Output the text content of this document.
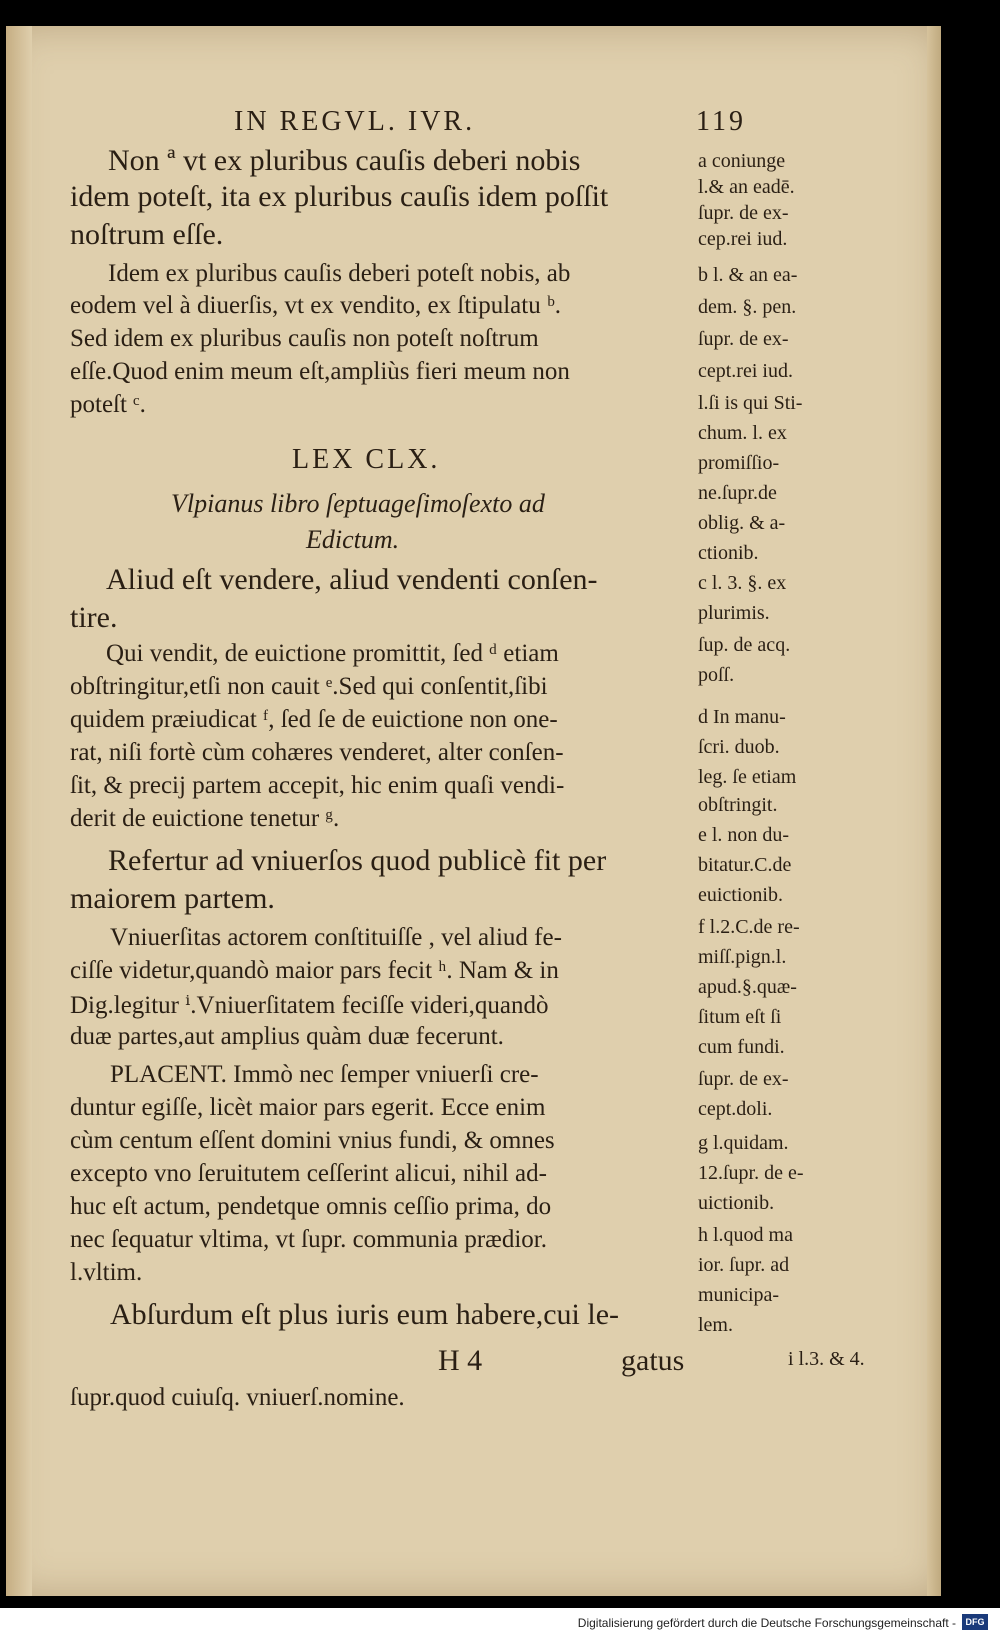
IN REGVL. IVR.	119
Non ª vt ex pluribus cauſis deberi nobis
idem poteſt, ita ex pluribus cauſis idem poſſit
noſtrum eſſe.
Idem ex pluribus cauſis deberi poteſt nobis, ab
eodem vel à diuerſis, vt ex vendito, ex ſtipulatu ᵇ.
Sed idem ex pluribus cauſis non poteſt noſtrum
eſſe.Quod enim meum eſt,ampliùs fieri meum non
poteſt ᶜ.
LEX CLX.
Vlpianus libro ſeptuageſimoſexto ad
Edictum.
Aliud eſt vendere, aliud vendenti conſen-
tire.
Qui vendit, de euictione promittit, ſed ᵈ etiam
obſtringitur,etſi non cauit ᵉ.Sed qui conſentit,ſibi
quidem præiudicat ᶠ, ſed ſe de euictione non one-
rat, niſi fortè cùm cohæres venderet, alter conſen-
ſit, & precij partem accepit, hic enim quaſi vendi-
derit de euictione tenetur ᵍ.
Refertur ad vniuerſos quod publicè fit per
maiorem partem.
Vniuerſitas actorem conſtituiſſe , vel aliud fe-
ciſſe videtur,quandò maior pars fecit ʰ. Nam & in
Dig.legitur ⁱ.Vniuerſitatem feciſſe videri,quandò
duæ partes,aut amplius quàm duæ fecerunt.
PLACENT. Immò nec ſemper vniuerſi cre-
duntur egiſſe, licèt maior pars egerit. Ecce enim
cùm centum eſſent domini vnius fundi, & omnes
excepto vno ſeruitutem ceſſerint alicui, nihil ad-
huc eſt actum, pendetque omnis ceſſio prima, do
nec ſequatur vltima, vt ſupr. communia prædior.
l.vltim.
Abſurdum eſt plus iuris eum habere,cui le-
H 4	gatus
ſupr.quod cuiuſq. vniuerſ.nomine.
a coniunge
l.& an eadē.
ſupr. de ex-
cep.rei iud.
b l. & an ea-
dem. §. pen.
ſupr. de ex-
cept.rei iud.
l.ſi is qui Sti-
chum. l. ex
promiſſio-
ne.ſupr.de
oblig. & a-
ctionib.
c l. 3. §. ex
plurimis.
ſup. de acq.
poſſ.
d In manu-
ſcri. duob.
leg. ſe etiam
obſtringit.
e l. non du-
bitatur.C.de
euictionib.
f l.2.C.de re-
miſſ.pign.l.
apud.§.quæ-
ſitum eſt ſi
cum fundi.
ſupr. de ex-
cept.doli.
g l.quidam.
12.ſupr. de e-
uictionib.
h l.quod ma
ior. ſupr. ad
municipa-
lem.
i l.3. & 4.
Digitalisierung gefördert durch die Deutsche Forschungsgemeinschaft -	DFG
